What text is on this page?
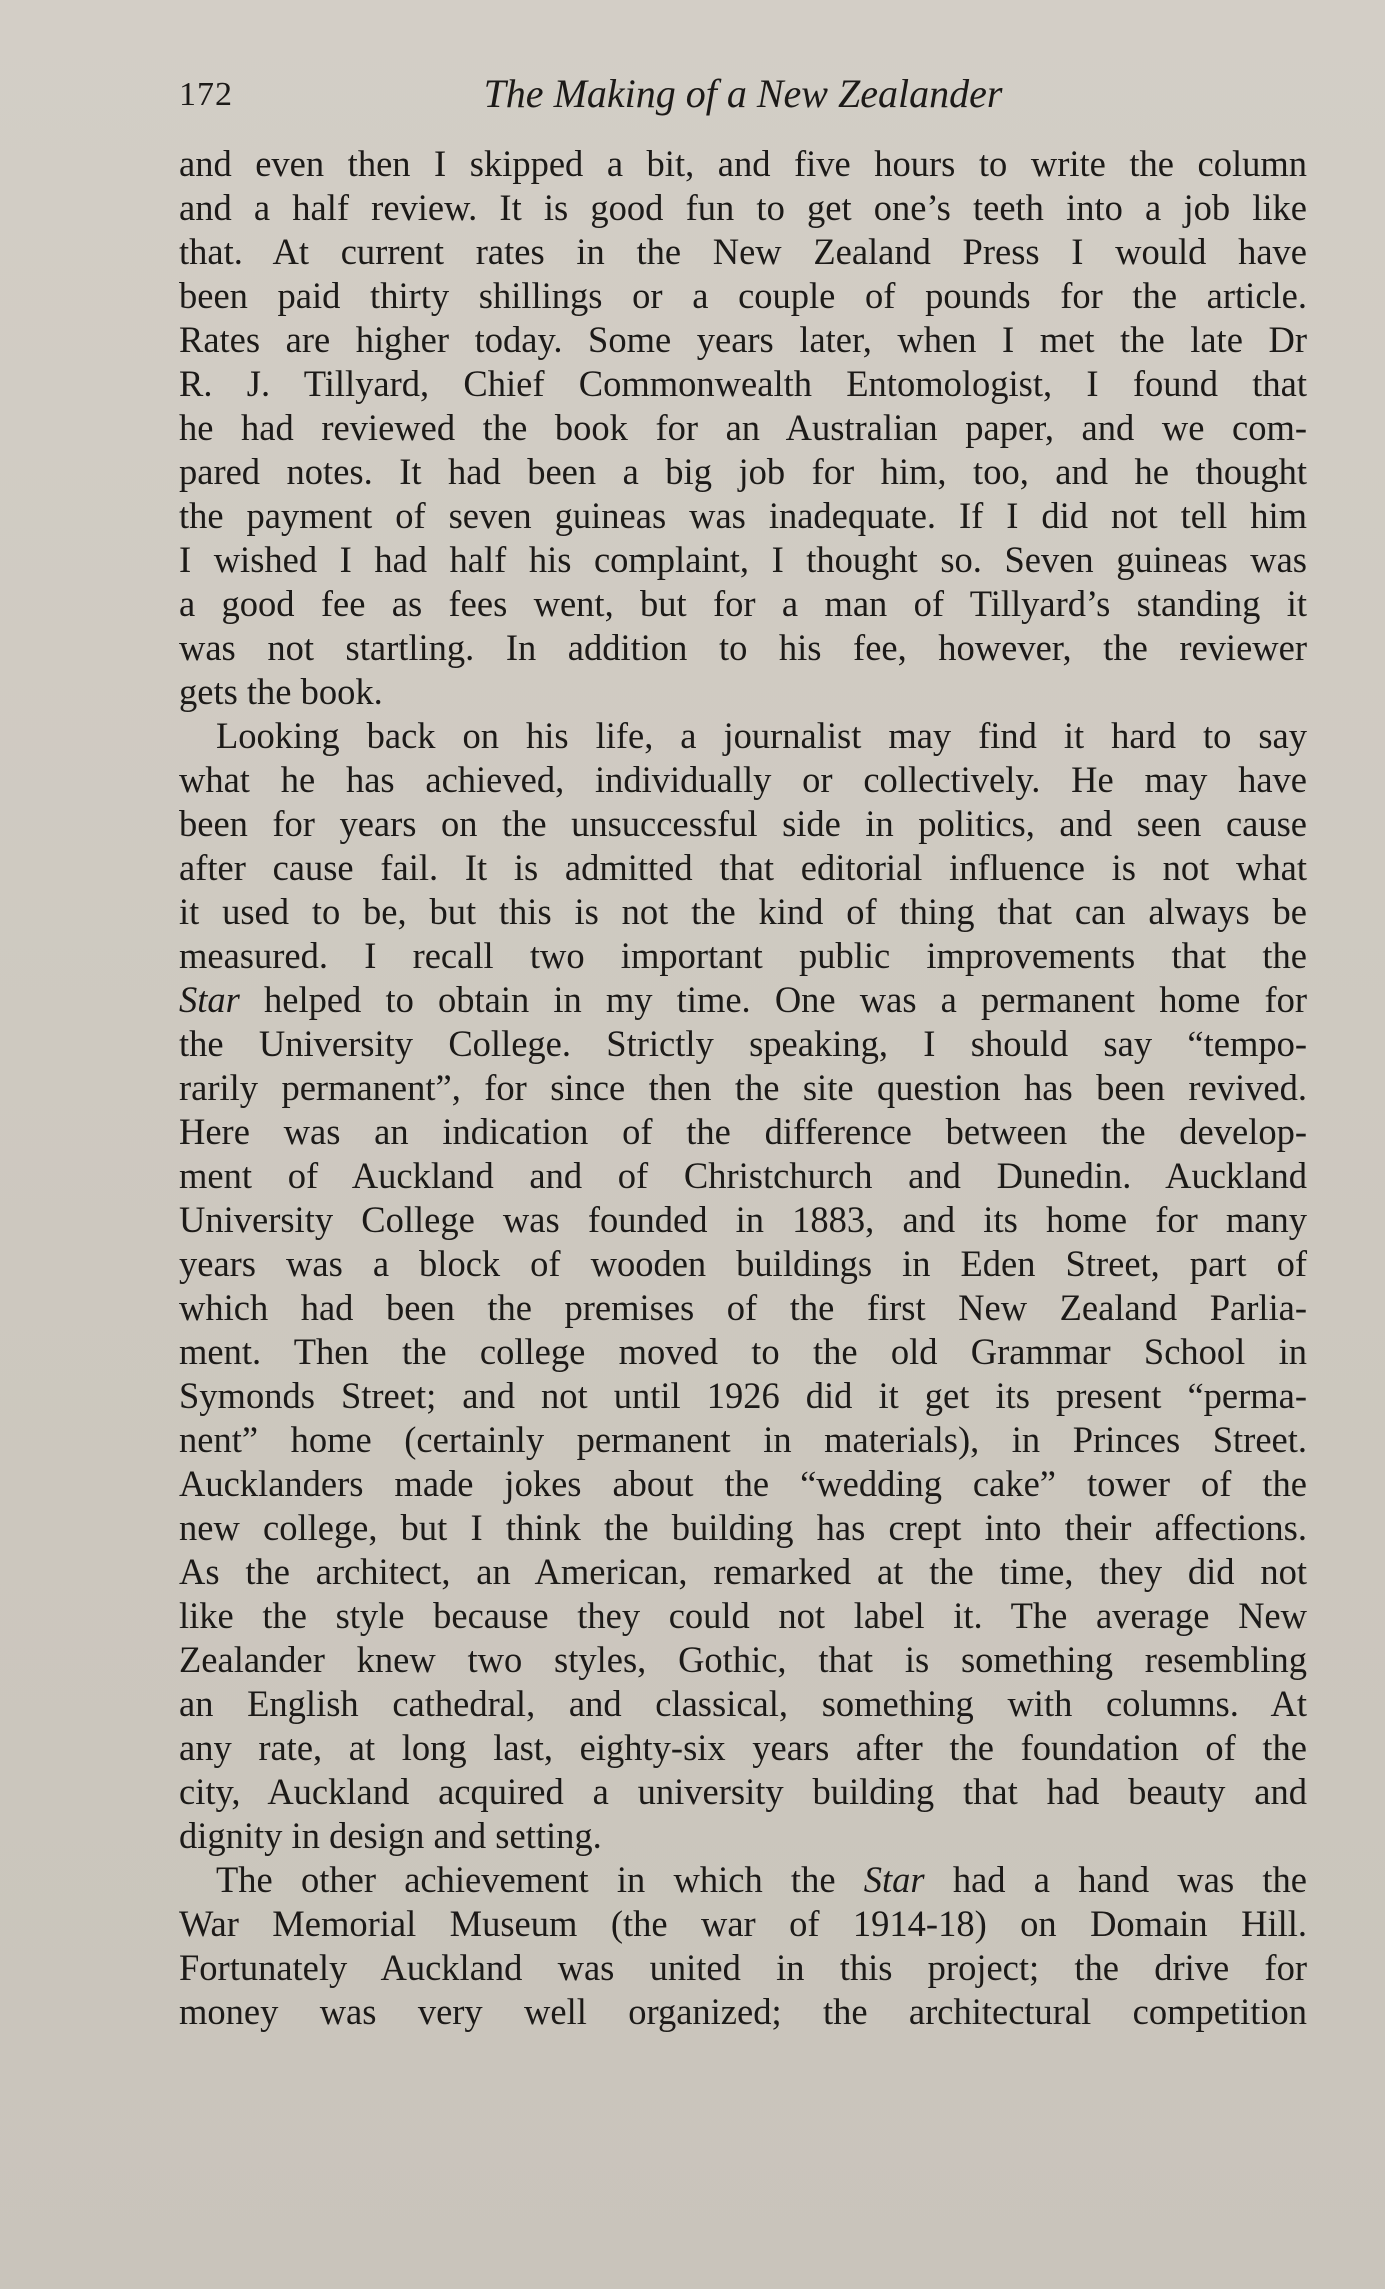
172	The Making of a New Zealander
and even then I skipped a bit, and five hours to write the column
and a half review. It is good fun to get one’s teeth into a job like
that. At current rates in the New Zealand Press I would have
been paid thirty shillings or a couple of pounds for the article.
Rates are higher today. Some years later, when I met the late Dr
R. J. Tillyard, Chief Commonwealth Entomologist, I found that
he had reviewed the book for an Australian paper, and we com-
pared notes. It had been a big job for him, too, and he thought
the payment of seven guineas was inadequate. If I did not tell him
I wished I had half his complaint, I thought so. Seven guineas was
a good fee as fees went, but for a man of Tillyard’s standing it
was not startling. In addition to his fee, however, the reviewer
gets the book.
Looking back on his life, a journalist may find it hard to say
what he has achieved, individually or collectively. He may have
been for years on the unsuccessful side in politics, and seen cause
after cause fail. It is admitted that editorial influence is not what
it used to be, but this is not the kind of thing that can always be
measured. I recall two important public improvements that the
Star helped to obtain in my time. One was a permanent home for
the University College. Strictly speaking, I should say “tempo-
rarily permanent”, for since then the site question has been revived.
Here was an indication of the difference between the develop-
ment of Auckland and of Christchurch and Dunedin. Auckland
University College was founded in 1883, and its home for many
years was a block of wooden buildings in Eden Street, part of
which had been the premises of the first New Zealand Parlia-
ment. Then the college moved to the old Grammar School in
Symonds Street; and not until 1926 did it get its present “perma-
nent” home (certainly permanent in materials), in Princes Street.
Aucklanders made jokes about the “wedding cake” tower of the
new college, but I think the building has crept into their affections.
As the architect, an American, remarked at the time, they did not
like the style because they could not label it. The average New
Zealander knew two styles, Gothic, that is something resembling
an English cathedral, and classical, something with columns. At
any rate, at long last, eighty-six years after the foundation of the
city, Auckland acquired a university building that had beauty and
dignity in design and setting.
The other achievement in which the Star had a hand was the
War Memorial Museum (the war of 1914-18) on Domain Hill.
Fortunately Auckland was united in this project; the drive for
money was very well organized; the architectural competition
